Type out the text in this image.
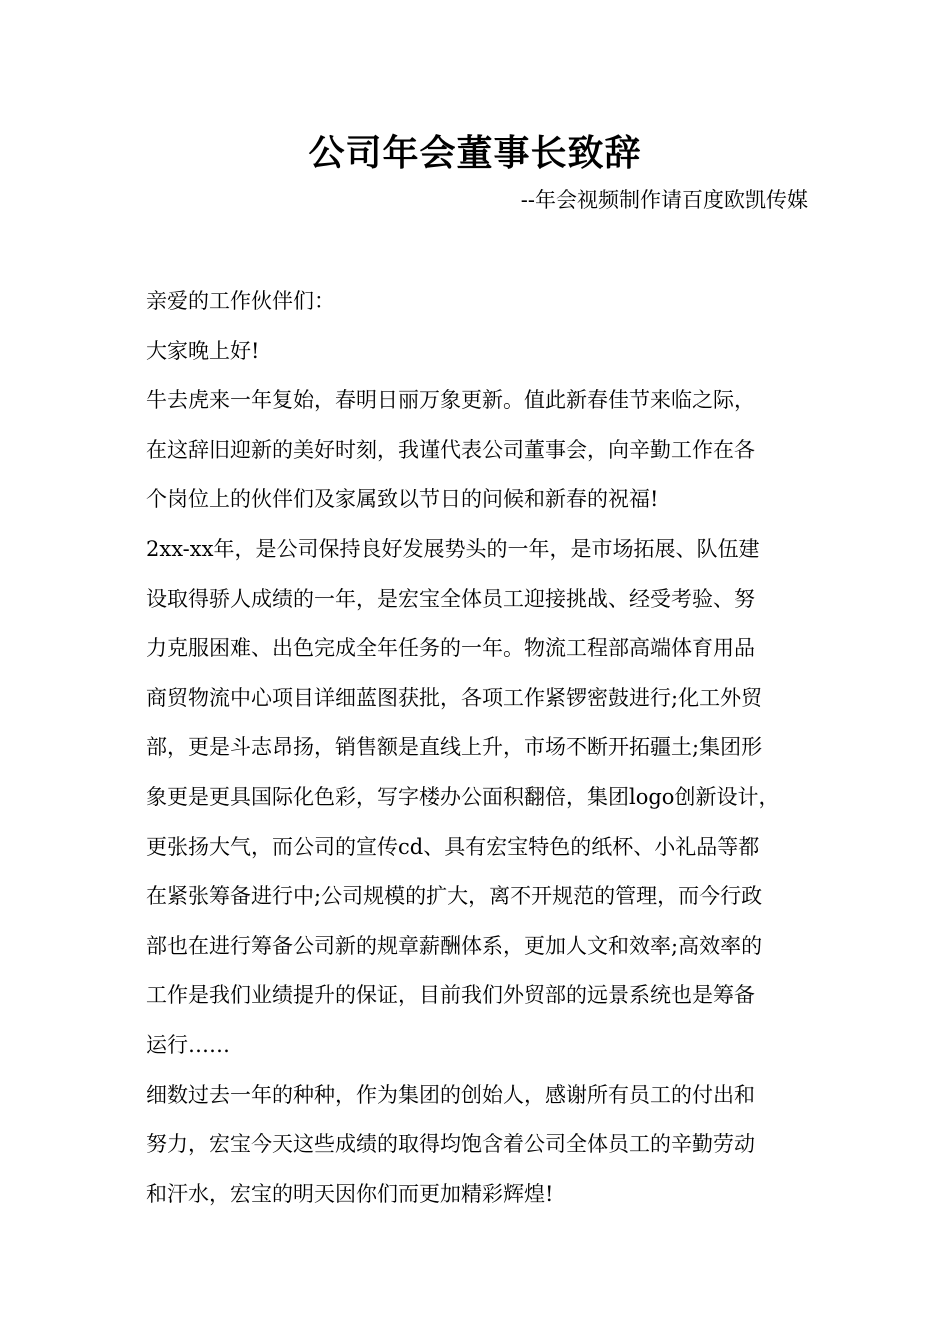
公司年会董事长致辞
--年会视频制作请百度欧凯传媒
亲爱的工作伙伴们：
大家晚上好!
牛去虎来一年复始，春明日丽万象更新。值此新春佳节来临之际，
在这辞旧迎新的美好时刻，我谨代表公司董事会，向辛勤工作在各
个岗位上的伙伴们及家属致以节日的问候和新春的祝福!
2xx-xx年，是公司保持良好发展势头的一年，是市场拓展、队伍建
设取得骄人成绩的一年，是宏宝全体员工迎接挑战、经受考验、努
力克服困难、出色完成全年任务的一年。物流工程部高端体育用品
商贸物流中心项目详细蓝图获批，各项工作紧锣密鼓进行;化工外贸
部，更是斗志昂扬，销售额是直线上升，市场不断开拓疆土;集团形
象更是更具国际化色彩，写字楼办公面积翻倍，集团logo创新设计，
更张扬大气，而公司的宣传cd、具有宏宝特色的纸杯、小礼品等都
在紧张筹备进行中;公司规模的扩大，离不开规范的管理，而今行政
部也在进行筹备公司新的规章薪酬体系，更加人文和效率;高效率的
工作是我们业绩提升的保证，目前我们外贸部的远景系统也是筹备
运行……
细数过去一年的种种，作为集团的创始人，感谢所有员工的付出和
努力，宏宝今天这些成绩的取得均饱含着公司全体员工的辛勤劳动
和汗水，宏宝的明天因你们而更加精彩辉煌!
